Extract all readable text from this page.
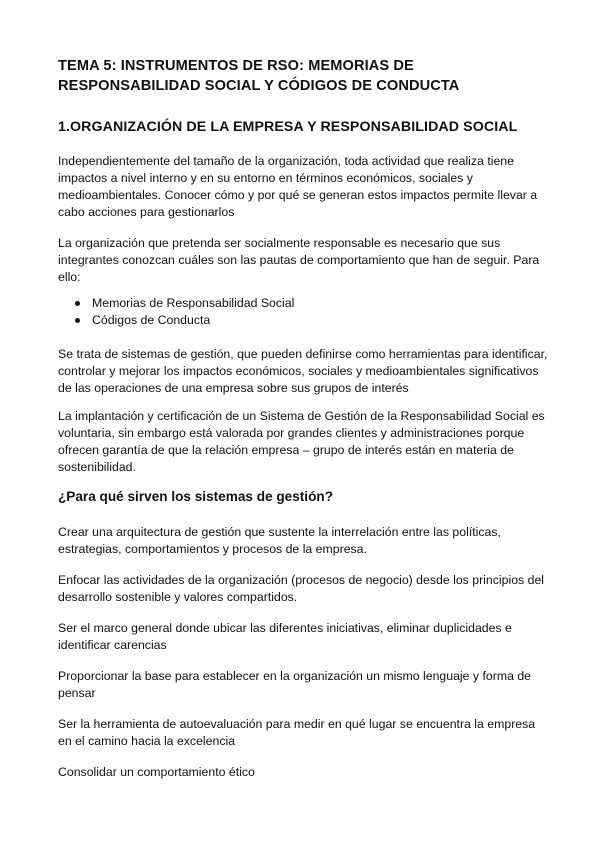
TEMA 5: INSTRUMENTOS DE RSO: MEMORIAS DE RESPONSABILIDAD SOCIAL Y CÓDIGOS DE CONDUCTA
1.ORGANIZACIÓN DE LA EMPRESA Y RESPONSABILIDAD SOCIAL

Independientemente del tamaño de la organización, toda actividad que realiza tiene impactos a nivel interno y en su entorno en términos económicos, sociales y medioambientales. Conocer cómo y por qué se generan estos impactos permite llevar a cabo acciones para gestionarlos

La organización que pretenda ser socialmente responsable es necesario que sus integrantes conozcan cuáles son las pautas de comportamiento que han de seguir. Para ello:

Memorias de Responsabilidad Social
Códigos de Conducta

Se trata de sistemas de gestión, que pueden definirse como herramientas para identificar, controlar y mejorar los impactos económicos, sociales y medioambientales significativos de las operaciones de una empresa sobre sus grupos de interés

La implantación y certificación de un Sistema de Gestión de la Responsabilidad Social es voluntaria, sin embargo está valorada por grandes clientes y administraciones porque ofrecen garantía de que la relación empresa – grupo de interés están en materia de sostenibilidad.

¿Para qué sirven los sistemas de gestión?

Crear una arquitectura de gestión que sustente la interrelación entre las políticas, estrategias, comportamientos y procesos de la empresa.

Enfocar las actividades de la organización (procesos de negocio) desde los principios del desarrollo sostenible y valores compartidos.

Ser el marco general donde ubicar las diferentes iniciativas, eliminar duplicidades e identificar carencias

Proporcionar la base para establecer en la organización un mismo lenguaje y forma de pensar

Ser la herramienta de autoevaluación para medir en qué lugar se encuentra la empresa en el camino hacia la excelencia

Consolidar un comportamiento ético
